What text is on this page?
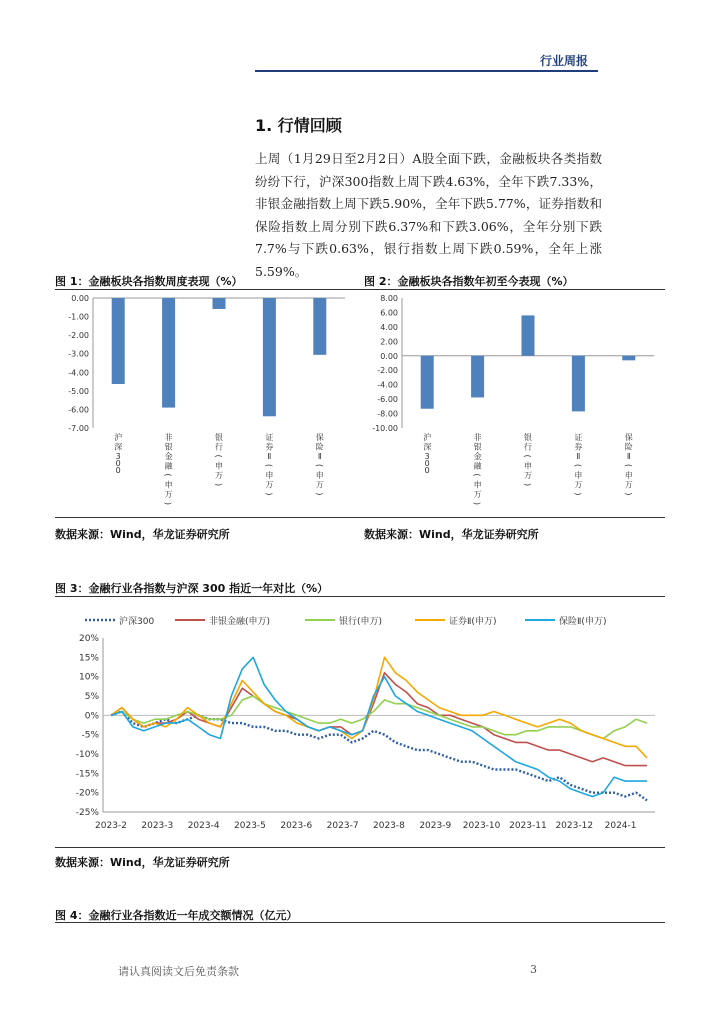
行业周报
1. 行情回顾
上周（1月29日至2月2日）A股全面下跌，金融板块各类指数纷纷下行，沪深300指数上周下跌4.63%，全年下跌7.33%，非银金融指数上周下跌5.90%，全年下跌5.77%，证券指数和保险指数上周分别下跌6.37%和下跌3.06%，全年分别下跌7.7%与下跌0.63%，银行指数上周下跌0.59%，全年上涨5.59%。
图 1：金融板块各指数周度表现（%）	图 2：金融板块各指数年初至今表现（%）
0.00
-1.00
-2.00
-3.00
-4.00
-5.00
-6.00
-7.00
沪
深
3
0
0
非
银
金
融
(
申
万
)
银
行
(
申
万
)
证
券
Ⅱ
(
申
万
)
保
险
Ⅱ
(
申
万
)
8.00
6.00
4.00
2.00
0.00
-2.00
-4.00
-6.00
-8.00
-10.00
沪
深
3
0
0
非
银
金
融
(
申
万
)
银
行
(
申
万
)
证
券
Ⅱ
(
申
万
)
保
险
Ⅱ
(
申
万
)
数据来源：Wind，华龙证券研究所	数据来源：Wind，华龙证券研究所
图 3：金融行业各指数与沪深 300 指近一年对比（%）
沪深300	非银金融(申万)	银行(申万)	证券Ⅱ(申万)	保险Ⅱ(申万)
20%
15%
10%
5%
0%
-5%
-10%
-15%
-20%
-25%
2023-2 2023-3 2023-4 2023-5 2023-6 2023-7 2023-8 2023-9 2023-10 2023-11 2023-12 2024-1
数据来源：Wind，华龙证券研究所
图 4：金融行业各指数近一年成交额情况（亿元）
请认真阅读文后免责条款	3
